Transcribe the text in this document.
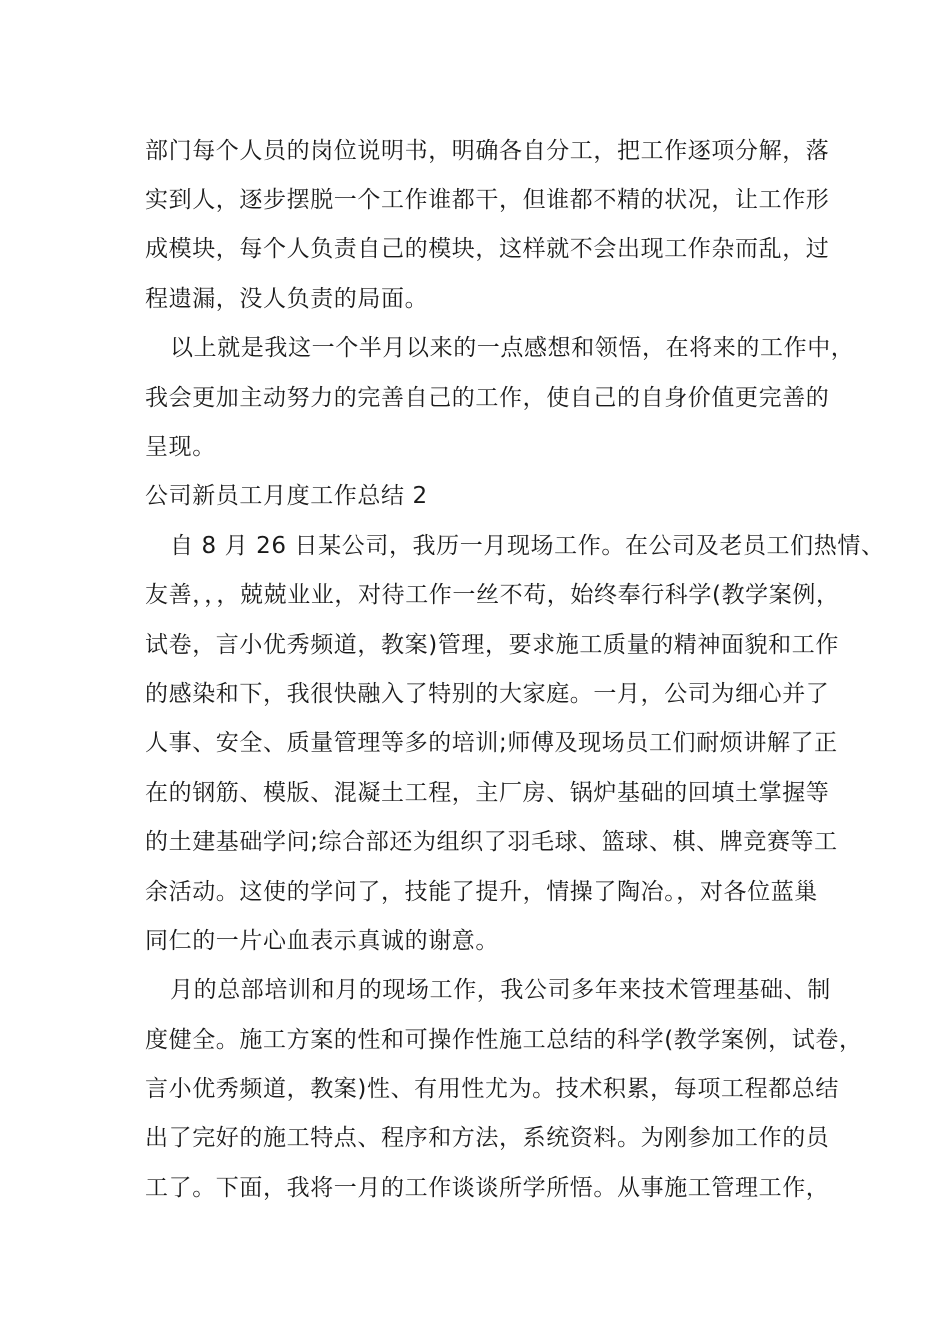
部门每个人员的岗位说明书，明确各自分工，把工作逐项分解，落
实到人，逐步摆脱一个工作谁都干，但谁都不精的状况，让工作形
成模块，每个人负责自己的模块，这样就不会出现工作杂而乱，过
程遗漏，没人负责的局面。
以上就是我这一个半月以来的一点感想和领悟，在将来的工作中，
我会更加主动努力的完善自己的工作，使自己的自身价值更完善的
呈现。
公司新员工月度工作总结 2
自 8 月 26 日某公司，我历一月现场工作。在公司及老员工们热情、
友善，，，兢兢业业，对待工作一丝不苟，始终奉行科学(教学案例，
试卷，言小优秀频道，教案)管理，要求施工质量的精神面貌和工作
的感染和下，我很快融入了特别的大家庭。一月，公司为细心并了
人事、安全、质量管理等多的培训;师傅及现场员工们耐烦讲解了正
在的钢筋、模版、混凝土工程，主厂房、锅炉基础的回填土掌握等
的土建基础学问;综合部还为组织了羽毛球、篮球、棋、牌竞赛等工
余活动。这使的学问了，技能了提升，情操了陶冶。，对各位蓝巢
同仁的一片心血表示真诚的谢意。
月的总部培训和月的现场工作，我公司多年来技术管理基础、制
度健全。施工方案的性和可操作性施工总结的科学(教学案例，试卷，
言小优秀频道，教案)性、有用性尤为。技术积累，每项工程都总结
出了完好的施工特点、程序和方法，系统资料。为刚参加工作的员
工了。下面，我将一月的工作谈谈所学所悟。从事施工管理工作，
